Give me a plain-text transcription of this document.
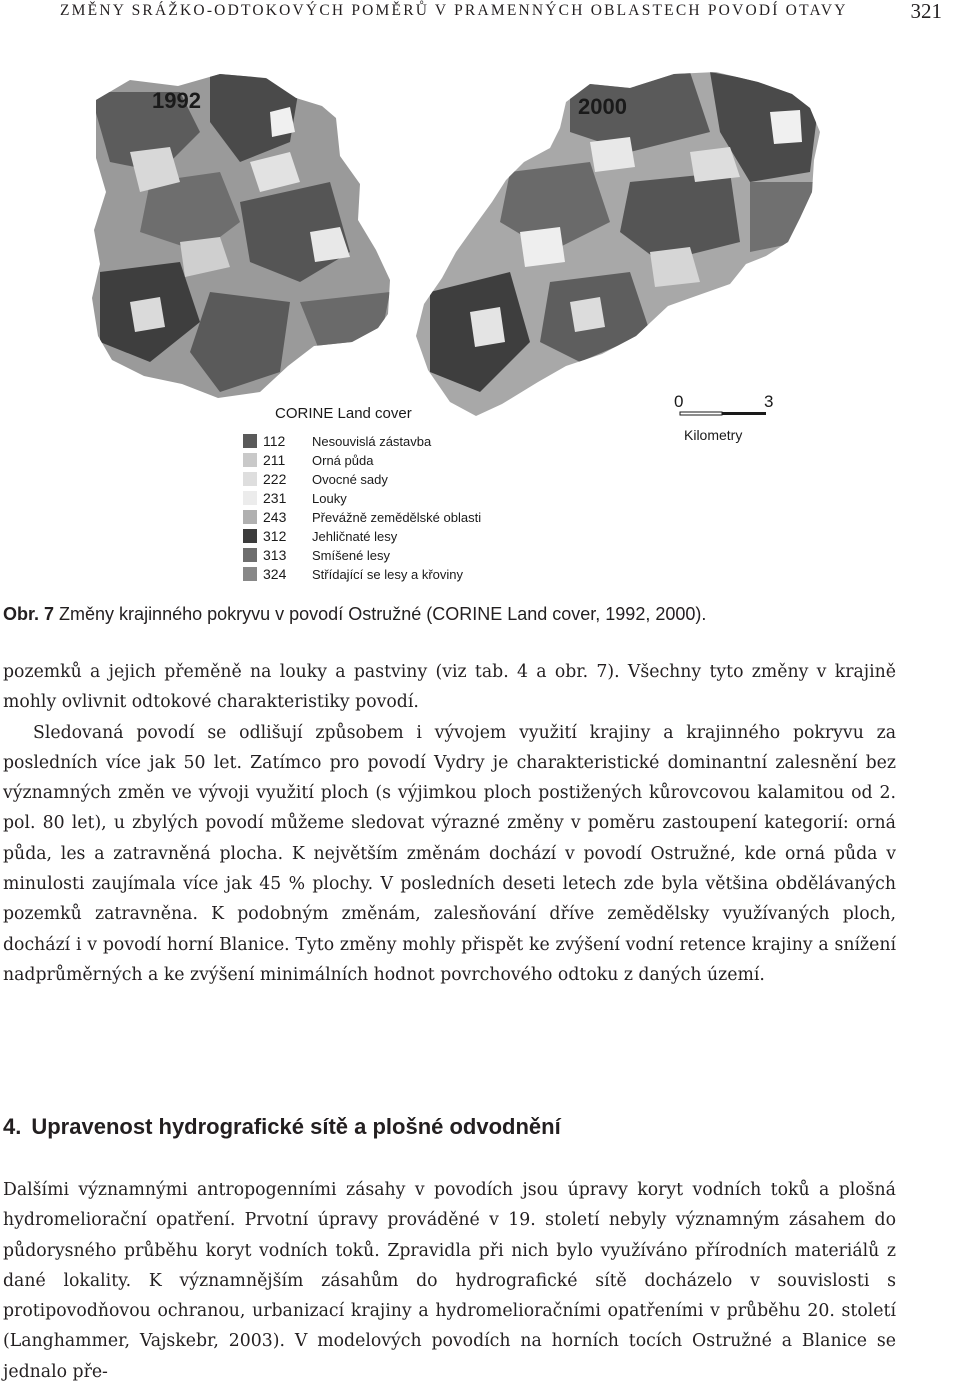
ZMĚNY SRÁŽKO-ODTOKOVÝCH POMĚRŮ V PRAMENNÝCH OBLASTECH POVODÍ OTAVY	321
1992	2000
CORINE Land cover
112 Nesouvislá zástavba
211 Orná půda
222 Ovocné sady
231 Louky
243 Převážně zemědělské oblasti
312 Jehličnaté lesy
313 Smíšené lesy
324 Střídající se lesy a křoviny
0	3
Kilometry
Obr. 7 Změny krajinného pokryvu v povodí Ostružné (CORINE Land cover, 1992, 2000).

pozemků a jejich přeměně na louky a pastviny (viz tab. 4 a obr. 7). Všechny tyto změny v krajině mohly ovlivnit odtokové charakteristiky povodí.

Sledovaná povodí se odlišují způsobem i vývojem využití krajiny a krajinného pokryvu za posledních více jak 50 let. Zatímco pro povodí Vydry je charakteristické dominantní zalesnění bez významných změn ve vývoji využití ploch (s výjimkou ploch postižených kůrovcovou kalamitou od 2. pol. 80 let), u zbylých povodí můžeme sledovat výrazné změny v poměru zastoupení kategorií: orná půda, les a zatravněná plocha. K největším změnám dochází v povodí Ostružné, kde orná půda v minulosti zaujímala více jak 45 % plochy. V posledních deseti letech zde byla většina obdělávaných pozemků zatravněna. K podobným změnám, zalesňování dříve zemědělsky využívaných ploch, dochází i v povodí horní Blanice. Tyto změny mohly přispět ke zvýšení vodní retence krajiny a snížení nadprůměrných a ke zvýšení minimálních hodnot povrchového odtoku z daných území.

4. Upravenost hydrografické sítě a plošné odvodnění

Dalšími významnými antropogenními zásahy v povodích jsou úpravy koryt vodních toků a plošná hydromeliorační opatření. Prvotní úpravy prováděné v 19. století nebyly významným zásahem do půdorysného průběhu koryt vodních toků. Zpravidla při nich bylo využíváno přírodních materiálů z dané lokality. K významnějším zásahům do hydrografické sítě docházelo v souvislosti s protipovodňovou ochranou, urbanizací krajiny a hydromelioračními opatřeními v průběhu 20. století (Langhammer, Vajskebr, 2003). V modelových povodích na horních tocích Ostružné a Blanice se jednalo pře-
